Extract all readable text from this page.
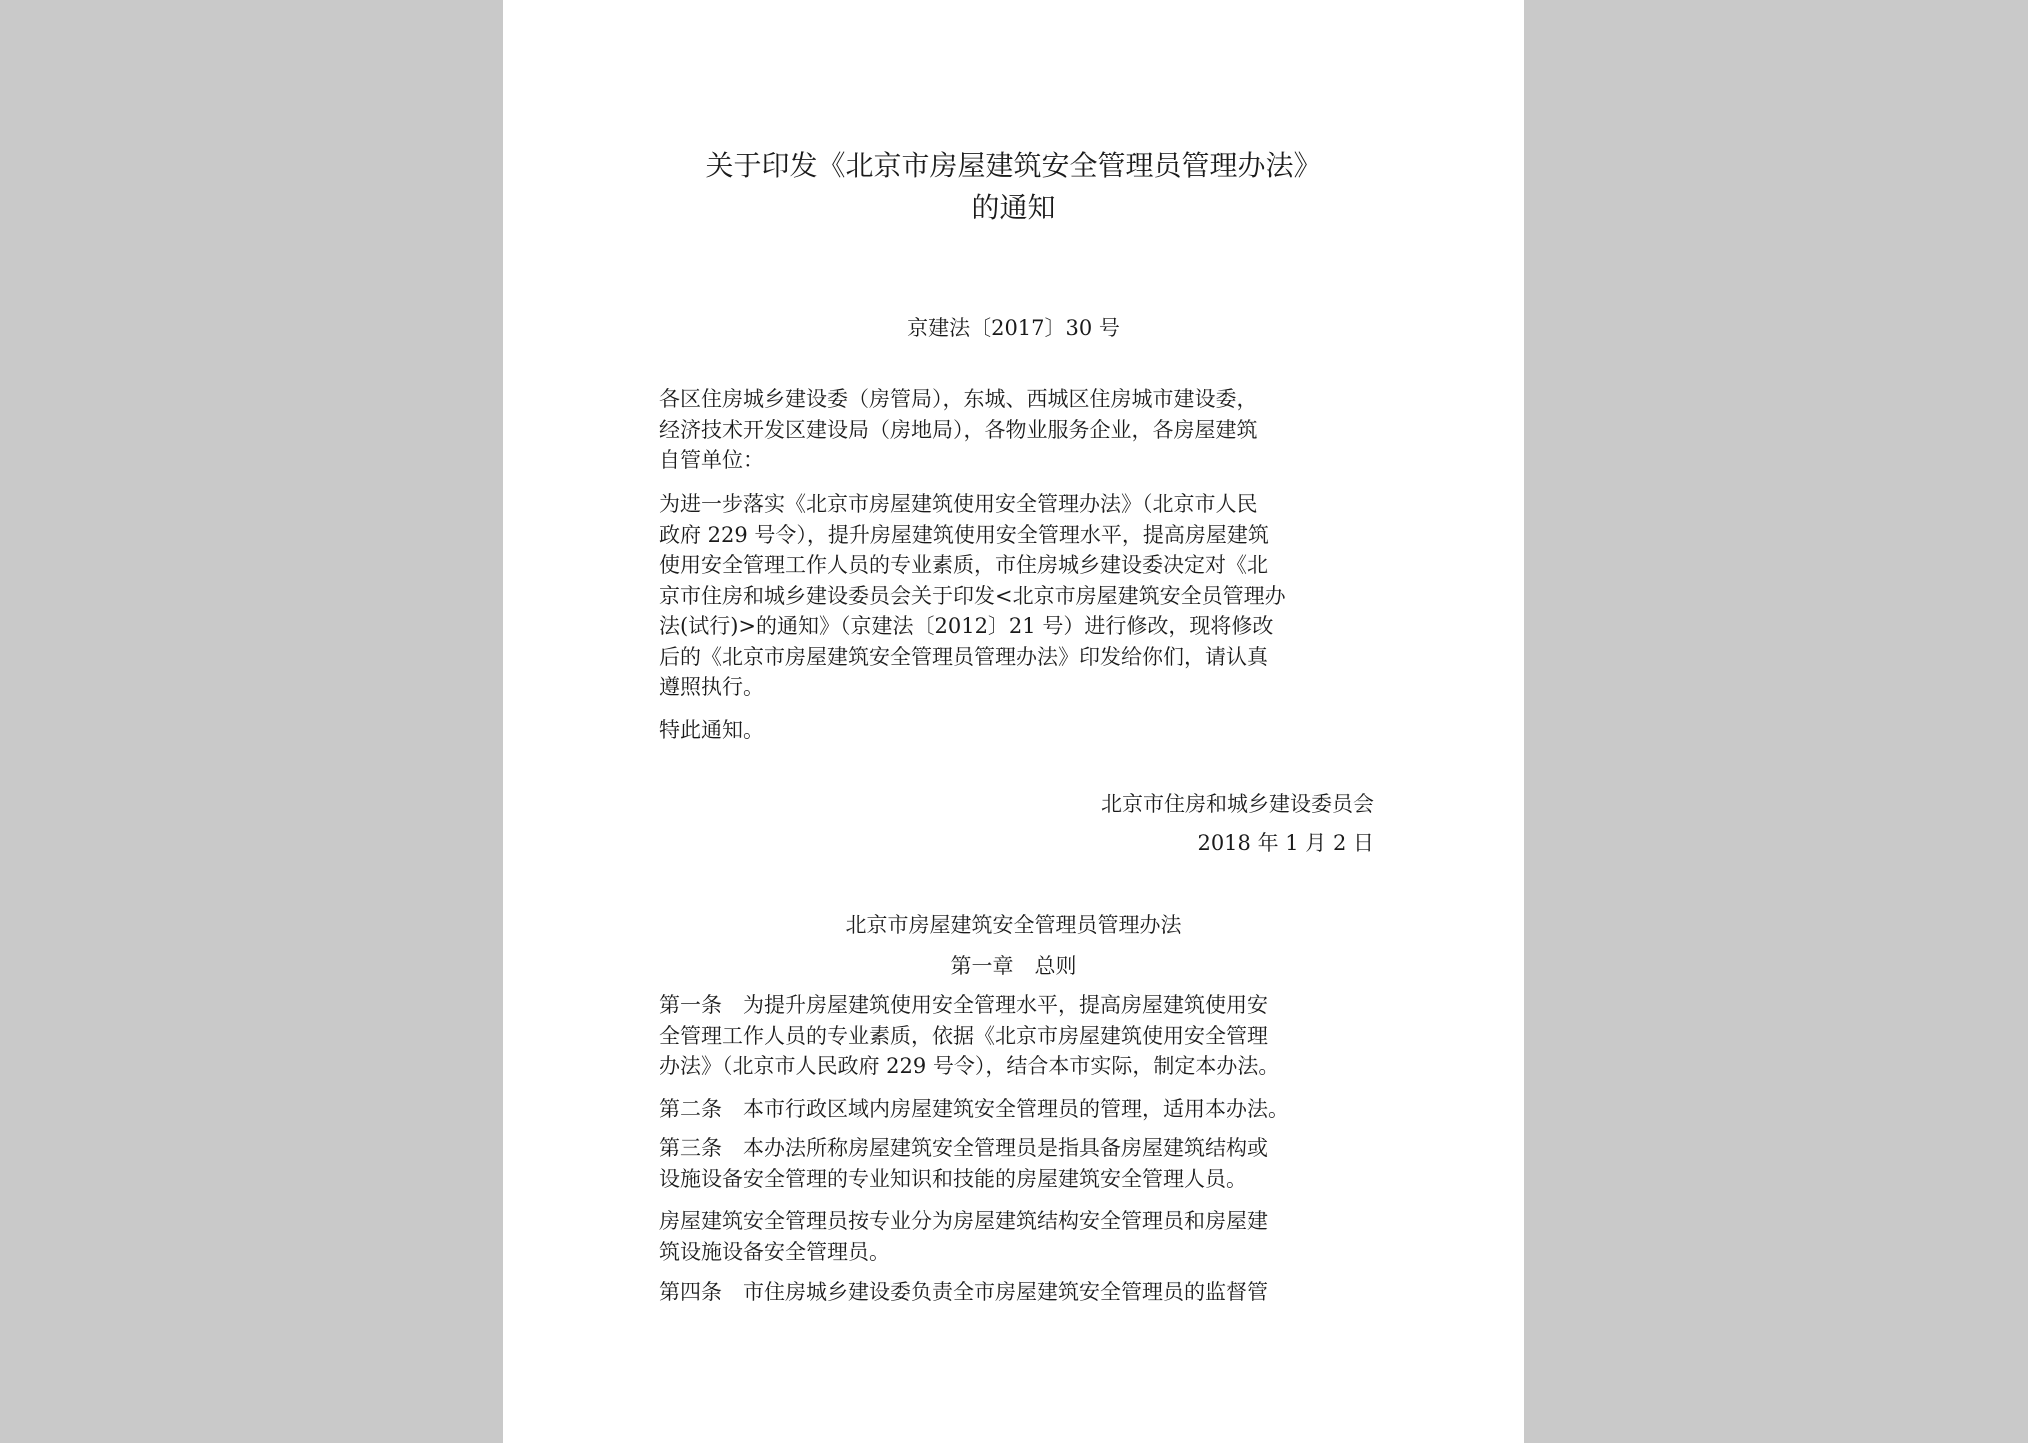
关于印发《北京市房屋建筑安全管理员管理办法》
的通知
京建法〔2017〕30 号
各区住房城乡建设委（房管局），东城、西城区住房城市建设委，
经济技术开发区建设局（房地局），各物业服务企业，各房屋建筑
自管单位：
为进一步落实《北京市房屋建筑使用安全管理办法》（北京市人民
政府 229 号令），提升房屋建筑使用安全管理水平，提高房屋建筑
使用安全管理工作人员的专业素质，市住房城乡建设委决定对《北
京市住房和城乡建设委员会关于印发<北京市房屋建筑安全员管理办
法(试行)>的通知》（京建法〔2012〕21 号）进行修改，现将修改
后的《北京市房屋建筑安全管理员管理办法》印发给你们，请认真
遵照执行。
特此通知。
北京市住房和城乡建设委员会
2018 年 1 月 2 日
北京市房屋建筑安全管理员管理办法
第一章　总则
第一条　为提升房屋建筑使用安全管理水平，提高房屋建筑使用安
全管理工作人员的专业素质，依据《北京市房屋建筑使用安全管理
办法》（北京市人民政府 229 号令），结合本市实际，制定本办法。
第二条　本市行政区域内房屋建筑安全管理员的管理，适用本办法。
第三条　本办法所称房屋建筑安全管理员是指具备房屋建筑结构或
设施设备安全管理的专业知识和技能的房屋建筑安全管理人员。
房屋建筑安全管理员按专业分为房屋建筑结构安全管理员和房屋建
筑设施设备安全管理员。
第四条　市住房城乡建设委负责全市房屋建筑安全管理员的监督管
